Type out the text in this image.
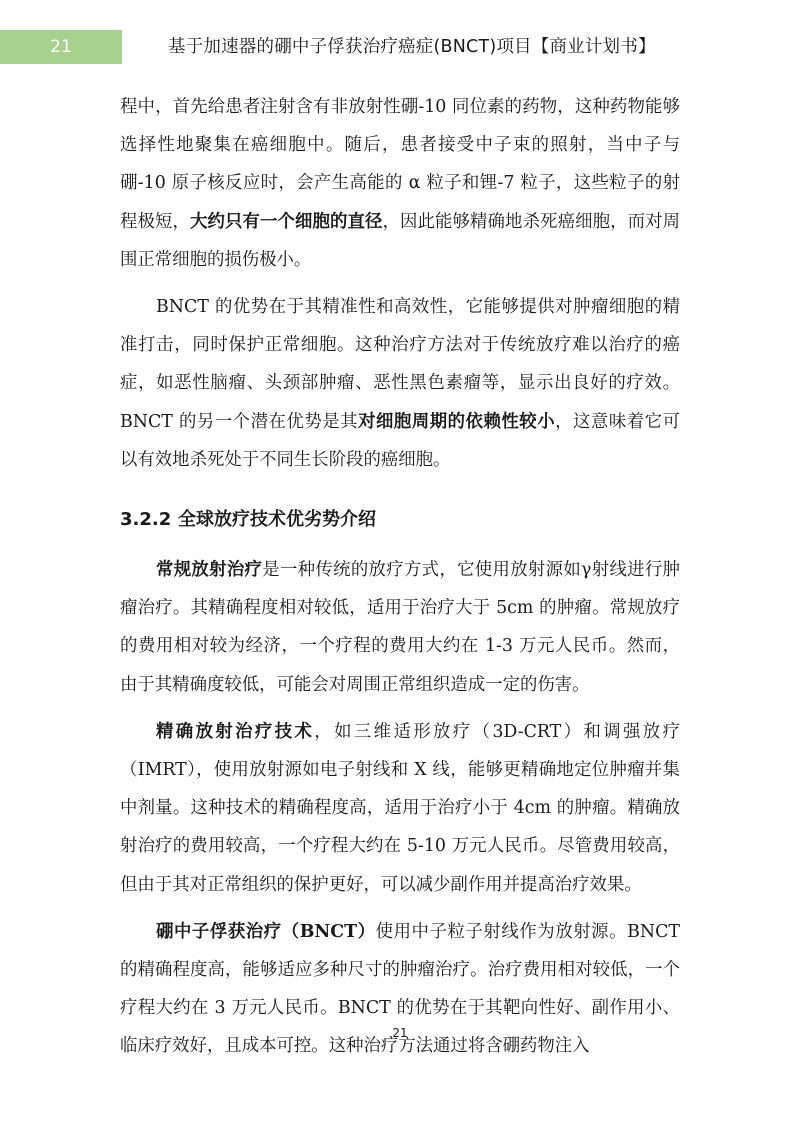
21	基于加速器的硼中子俘获治疗癌症(BNCT)项目【商业计划书】

程中，首先给患者注射含有非放射性硼-10 同位素的药物，这种药物能够选择性地聚集在癌细胞中。随后，患者接受中子束的照射，当中子与硼-10 原子核反应时，会产生高能的 α 粒子和锂-7 粒子，这些粒子的射程极短，大约只有一个细胞的直径，因此能够精确地杀死癌细胞，而对周围正常细胞的损伤极小。

BNCT 的优势在于其精准性和高效性，它能够提供对肿瘤细胞的精准打击，同时保护正常细胞。这种治疗方法对于传统放疗难以治疗的癌症，如恶性脑瘤、头颈部肿瘤、恶性黑色素瘤等，显示出良好的疗效。BNCT 的另一个潜在优势是其对细胞周期的依赖性较小，这意味着它可以有效地杀死处于不同生长阶段的癌细胞。

3.2.2 全球放疗技术优劣势介绍

常规放射治疗是一种传统的放疗方式，它使用放射源如γ射线进行肿瘤治疗。其精确程度相对较低，适用于治疗大于 5cm 的肿瘤。常规放疗的费用相对较为经济，一个疗程的费用大约在 1-3 万元人民币。然而，由于其精确度较低，可能会对周围正常组织造成一定的伤害。

精确放射治疗技术，如三维适形放疗（3D-CRT）和调强放疗（IMRT），使用放射源如电子射线和 X 线，能够更精确地定位肿瘤并集中剂量。这种技术的精确程度高，适用于治疗小于 4cm 的肿瘤。精确放射治疗的费用较高，一个疗程大约在 5-10 万元人民币。尽管费用较高，但由于其对正常组织的保护更好，可以减少副作用并提高治疗效果。

硼中子俘获治疗（BNCT）使用中子粒子射线作为放射源。BNCT 的精确程度高，能够适应多种尺寸的肿瘤治疗。治疗费用相对较低，一个疗程大约在 3 万元人民币。BNCT 的优势在于其靶向性好、副作用小、临床疗效好，且成本可控。这种治疗方法通过将含硼药物注入

21
